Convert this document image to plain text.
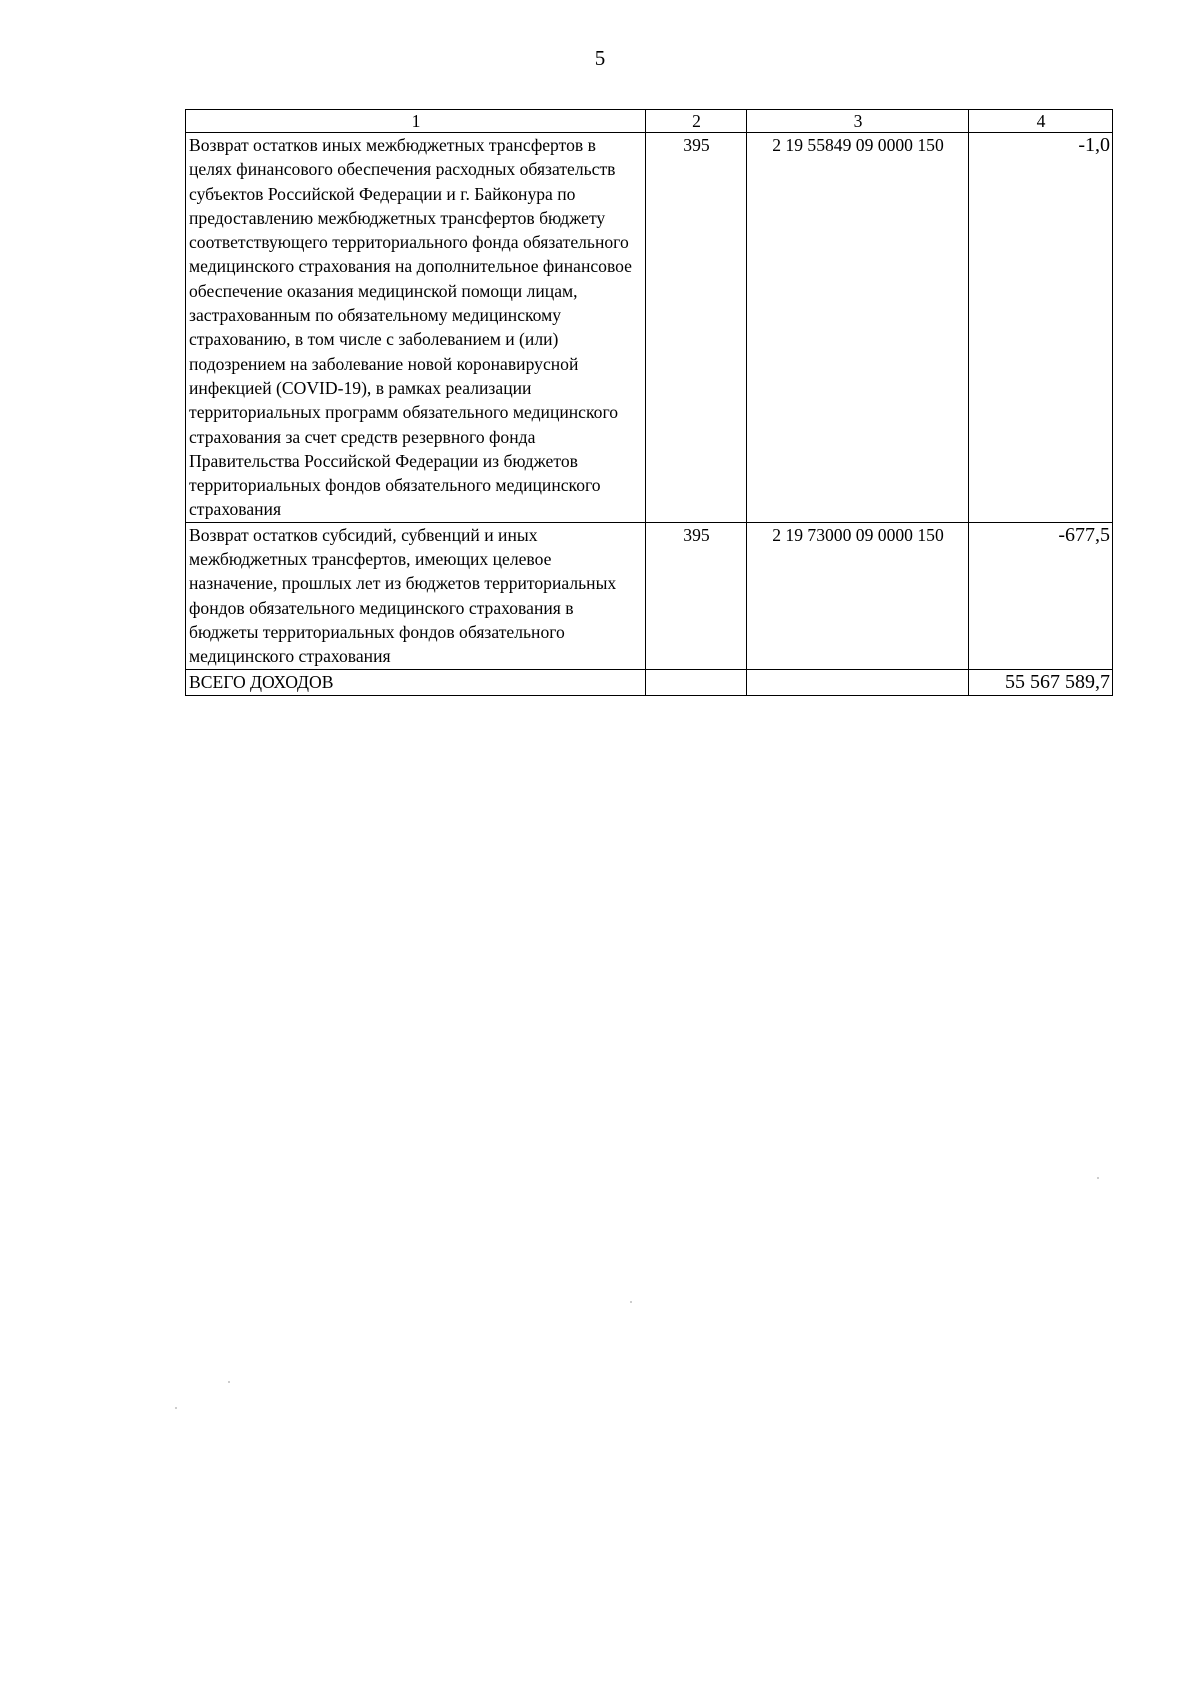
5
1	2	3	4
Возврат остатков иных межбюджетных трансфертов в целях финансового обеспечения расходных обязательств субъектов Российской Федерации и г. Байконура по предоставлению межбюджетных трансфертов бюджету соответствующего территориального фонда обязательного медицинского страхования на дополнительное финансовое обеспечение оказания медицинской помощи лицам, застрахованным по обязательному медицинскому страхованию, в том числе с заболеванием и (или) подозрением на заболевание новой коронавирусной инфекцией (COVID-19), в рамках реализации территориальных программ обязательного медицинского страхования за счет средств резервного фонда Правительства Российской Федерации из бюджетов территориальных фондов обязательного медицинского страхования	395	2 19 55849 09 0000 150	-1,0
Возврат остатков субсидий, субвенций и иных межбюджетных трансфертов, имеющих целевое назначение, прошлых лет из бюджетов территориальных фондов обязательного медицинского страхования в бюджеты территориальных фондов обязательного медицинского страхования	395	2 19 73000 09 0000 150	-677,5
ВСЕГО ДОХОДОВ			55 567 589,7
